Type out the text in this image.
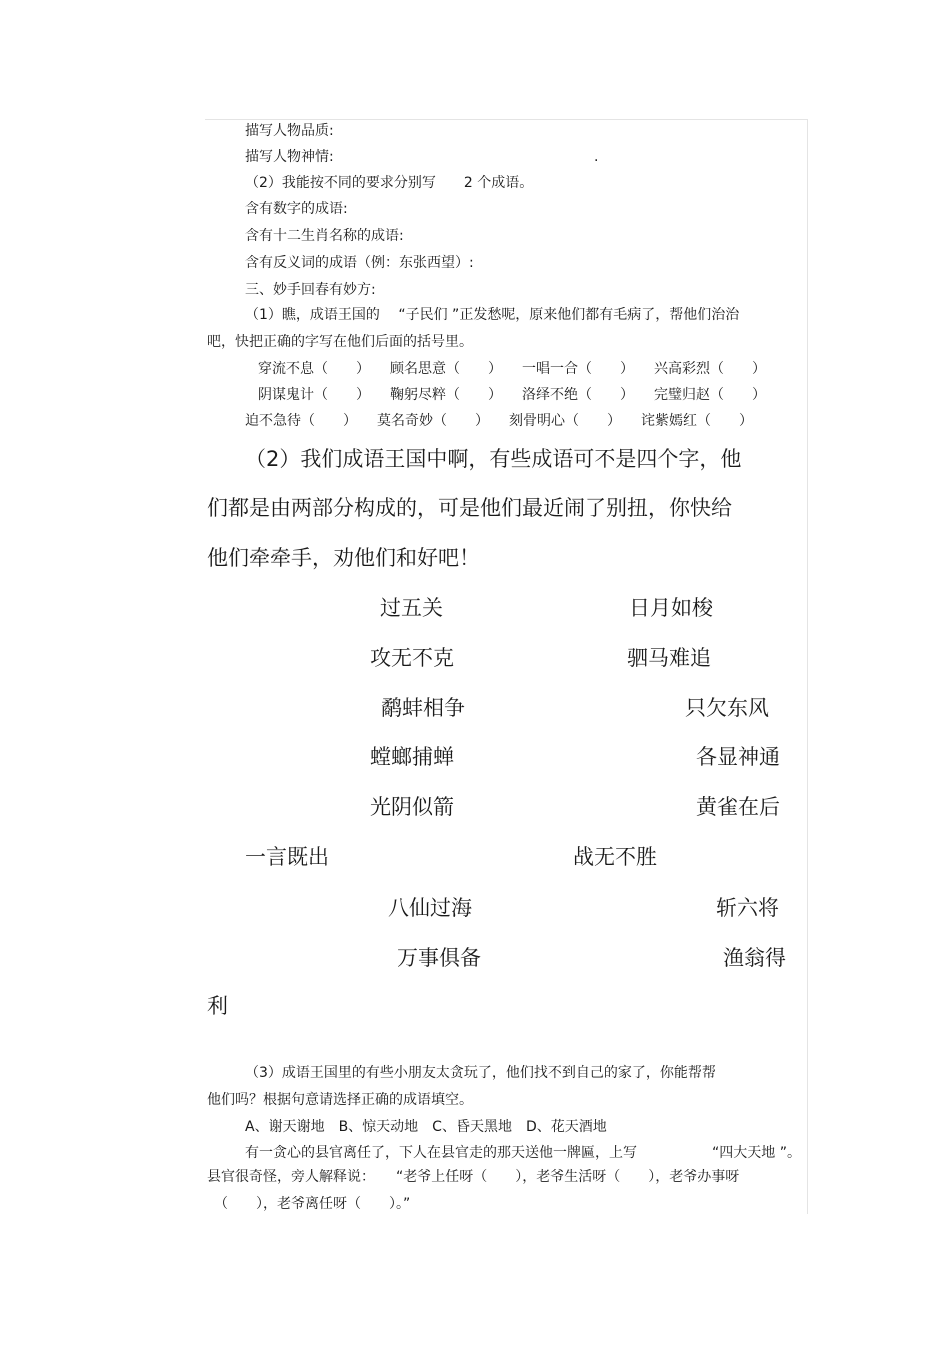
描写人物品质:
描写人物神情:	.
（2）我能按不同的要求分别写　　2 个成语。
含有数字的成语:
含有十二生肖名称的成语:
含有反义词的成语（例：东张西望）:
三、妙手回春有妙方:
（1）瞧，成语王国的　 “子民们 ”正发愁呢，原来他们都有毛病了，帮他们治治
吧，快把正确的字写在他们后面的括号里。
穿流不息（　　） 顾名思意（　　） 一唱一合（　　） 兴高彩烈（　　）
阴谋鬼计（　　） 鞠躬尽粹（　　） 洛绎不绝（　　） 完璧归赵（　　）
迫不急待（　　） 莫名奇妙（　　） 刻骨明心（　　） 诧紫嫣红（　　）
（2）我们成语王国中啊，有些成语可不是四个字，他
们都是由两部分构成的，可是他们最近闹了别扭，你快给
他们牵牵手，劝他们和好吧！
过五关	日月如梭
攻无不克	驷马难追
鹬蚌相争	只欠东风
螳螂捕蝉	各显神通
光阴似箭	黄雀在后
一言既出	战无不胜
八仙过海	斩六将
万事俱备	渔翁得
利
（3）成语王国里的有些小朋友太贪玩了，他们找不到自己的家了，你能帮帮
他们吗？根据句意请选择正确的成语填空。
A、谢天谢地　B、惊天动地　C、昏天黑地　D、花天酒地
有一贪心的县官离任了，下人在县官走的那天送他一牌匾，上写	“四大天地 ”。
县官很奇怪，旁人解释说：　　“老爷上任呀（　　），老爷生活呀（　　），老爷办事呀
（　　），老爷离任呀（　　）。”
